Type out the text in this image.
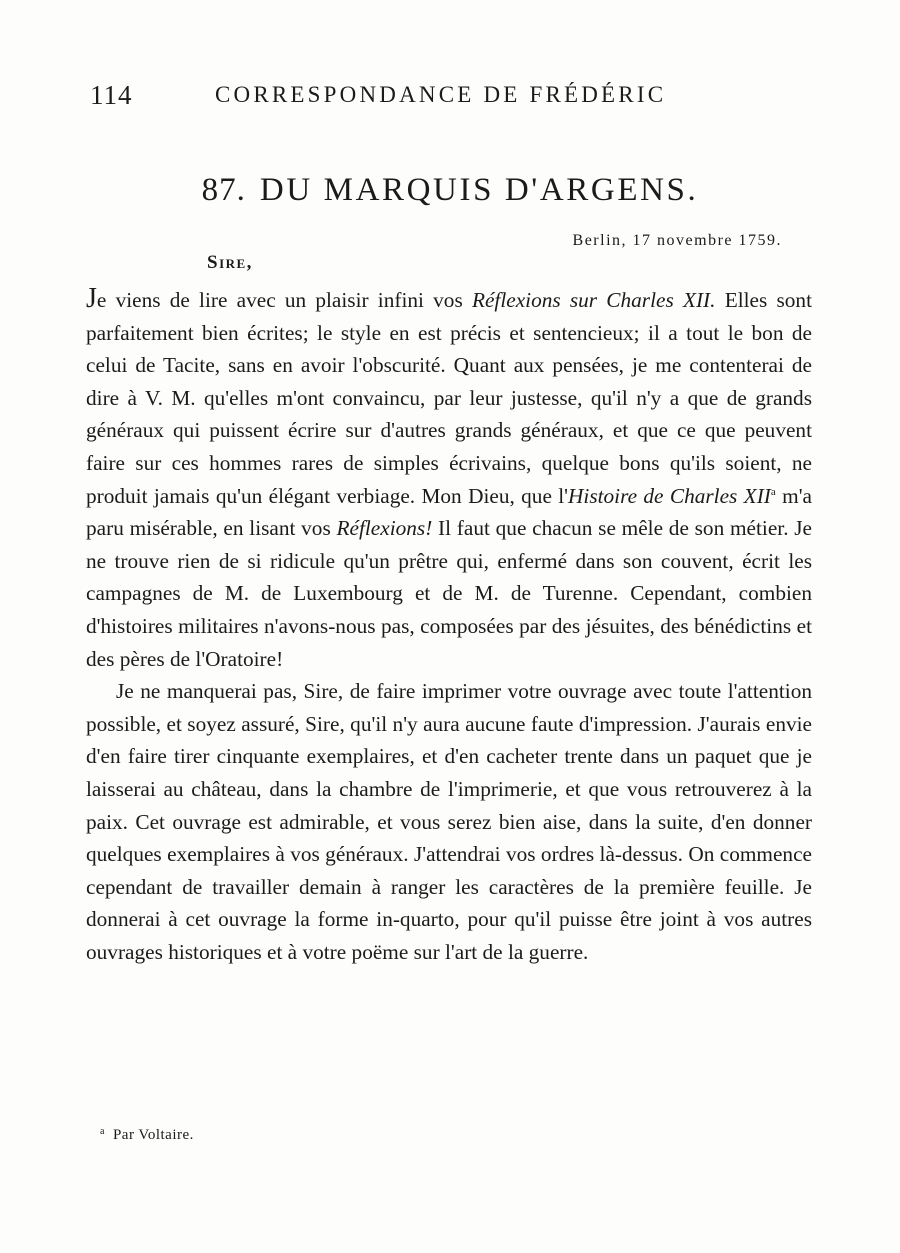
114	CORRESPONDANCE DE FRÉDÉRIC
87. DU MARQUIS D'ARGENS.
Berlin, 17 novembre 1759.
Sire,

Je viens de lire avec un plaisir infini vos Réflexions sur Charles XII. Elles sont parfaitement bien écrites; le style en est précis et sentencieux; il a tout le bon de celui de Tacite, sans en avoir l'obscurité. Quant aux pensées, je me contenterai de dire à V. M. qu'elles m'ont convaincu, par leur justesse, qu'il n'y a que de grands généraux qui puissent écrire sur d'autres grands généraux, et que ce que peuvent faire sur ces hommes rares de simples écrivains, quelque bons qu'ils soient, ne produit jamais qu'un élégant verbiage. Mon Dieu, que l'Histoire de Charles XII$^a$ m'a paru misérable, en lisant vos Réflexions! Il faut que chacun se mêle de son métier. Je ne trouve rien de si ridicule qu'un prêtre qui, enfermé dans son couvent, écrit les campagnes de M. de Luxembourg et de M. de Turenne. Cependant, combien d'histoires militaires n'avons-nous pas, composées par des jésuites, des bénédictins et des pères de l'Oratoire!

Je ne manquerai pas, Sire, de faire imprimer votre ouvrage avec toute l'attention possible, et soyez assuré, Sire, qu'il n'y aura aucune faute d'impression. J'aurais envie d'en faire tirer cinquante exemplaires, et d'en cacheter trente dans un paquet que je laisserai au château, dans la chambre de l'imprimerie, et que vous retrouverez à la paix. Cet ouvrage est admirable, et vous serez bien aise, dans la suite, d'en donner quelques exemplaires à vos généraux. J'attendrai vos ordres là-dessus. On commence cependant de travailler demain à ranger les caractères de la première feuille. Je donnerai à cet ouvrage la forme in-quarto, pour qu'il puisse être joint à vos autres ouvrages historiques et à votre poëme sur l'art de la guerre.

$^a$ Par Voltaire.
